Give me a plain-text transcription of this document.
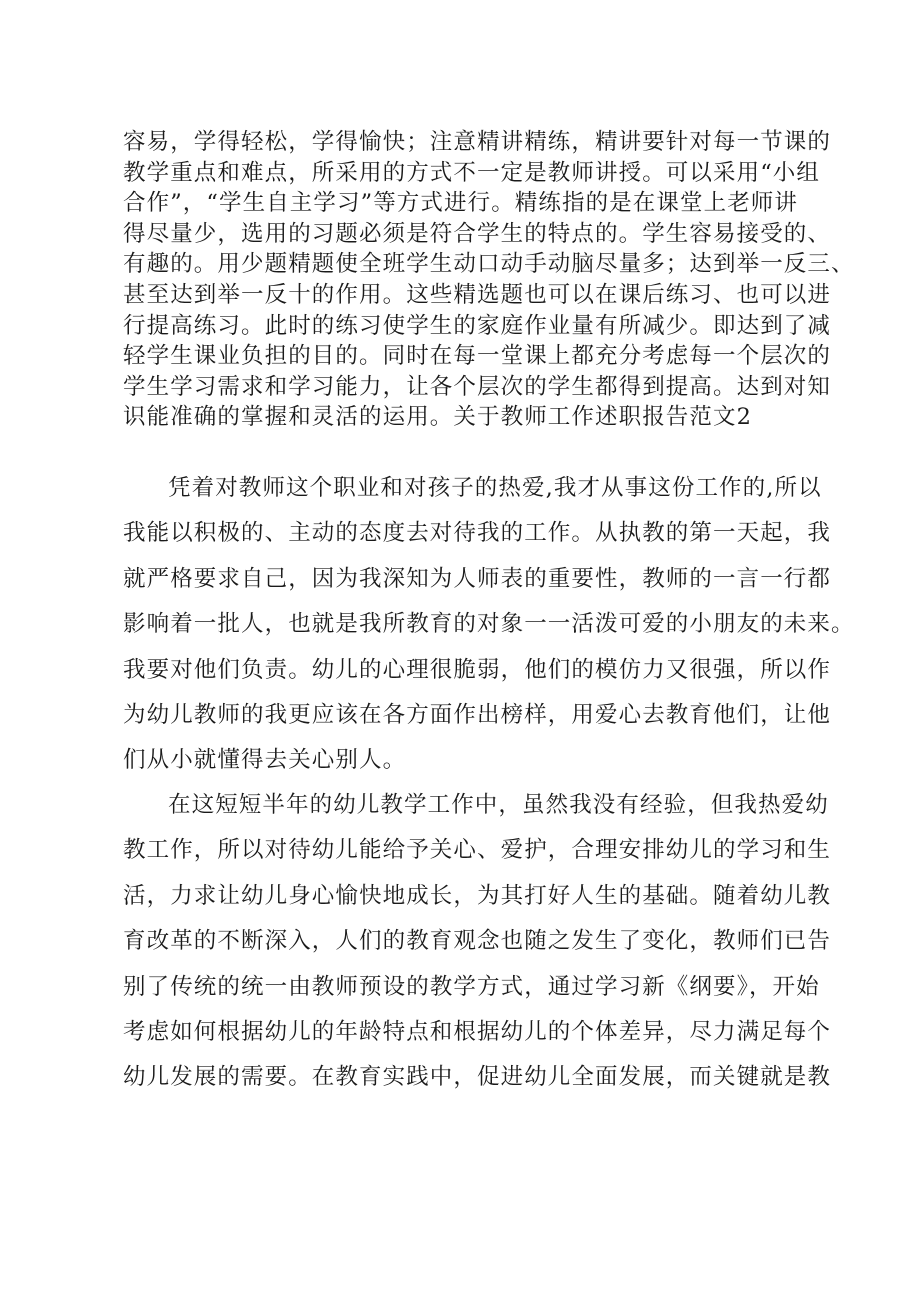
容易，学得轻松，学得愉快；注意精讲精练，精讲要针对每一节课的
教学重点和难点，所采用的方式不一定是教师讲授。可以采用“小组
合作”，“学生自主学习”等方式进行。精练指的是在课堂上老师讲
得尽量少，选用的习题必须是符合学生的特点的。学生容易接受的、
有趣的。用少题精题使全班学生动口动手动脑尽量多；达到举一反三、
甚至达到举一反十的作用。这些精选题也可以在课后练习、也可以进
行提高练习。此时的练习使学生的家庭作业量有所减少。即达到了减
轻学生课业负担的目的。同时在每一堂课上都充分考虑每一个层次的
学生学习需求和学习能力，让各个层次的学生都得到提高。达到对知
识能准确的掌握和灵活的运用。关于教师工作述职报告范文2
凭着对教师这个职业和对孩子的热爱,我才从事这份工作的,所以
我能以积极的、主动的态度去对待我的工作。从执教的第一天起，我
就严格要求自己，因为我深知为人师表的重要性，教师的一言一行都
影响着一批人，也就是我所教育的对象一一活泼可爱的小朋友的未来。
我要对他们负责。幼儿的心理很脆弱，他们的模仿力又很强，所以作
为幼儿教师的我更应该在各方面作出榜样，用爱心去教育他们，让他
们从小就懂得去关心别人。
在这短短半年的幼儿教学工作中，虽然我没有经验，但我热爱幼
教工作，所以对待幼儿能给予关心、爱护，合理安排幼儿的学习和生
活，力求让幼儿身心愉快地成长，为其打好人生的基础。随着幼儿教
育改革的不断深入，人们的教育观念也随之发生了变化，教师们已告
别了传统的统一由教师预设的教学方式，通过学习新《纲要》，开始
考虑如何根据幼儿的年龄特点和根据幼儿的个体差异，尽力满足每个
幼儿发展的需要。在教育实践中，促进幼儿全面发展，而关键就是教
